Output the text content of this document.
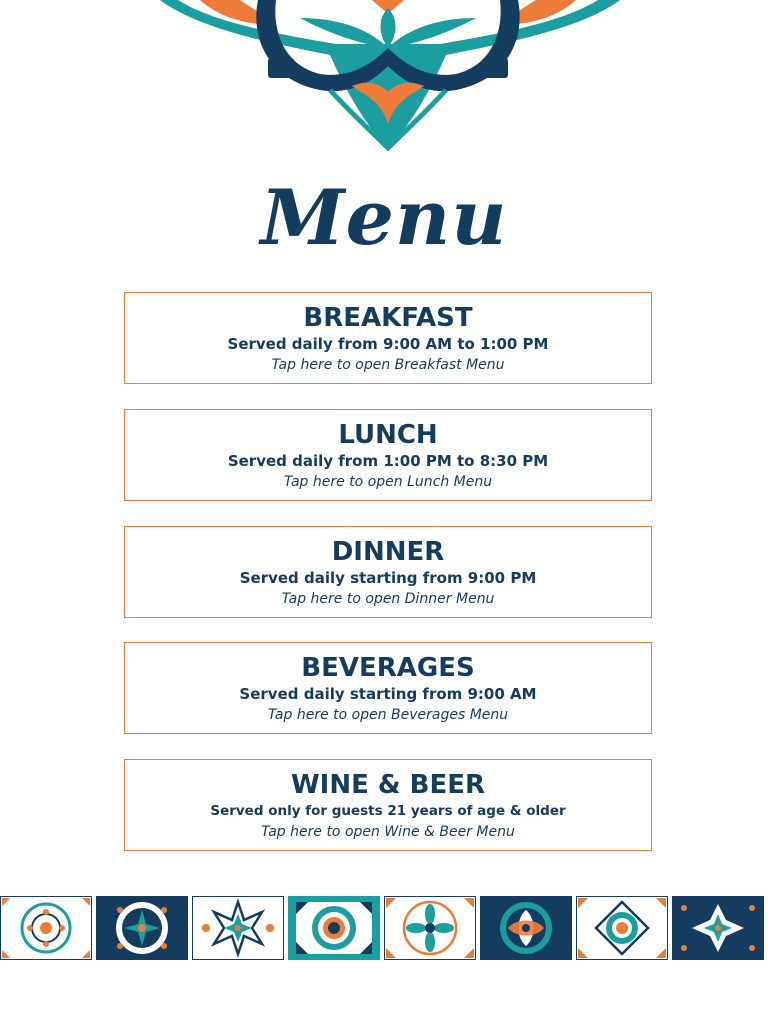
Menu
BREAKFAST
Served daily from 9:00 AM to 1:00 PM
Tap here to open Breakfast Menu
LUNCH
Served daily from 1:00 PM to 8:30 PM
Tap here to open Lunch Menu
DINNER
Served daily starting from 9:00 PM
Tap here to open Dinner Menu
BEVERAGES
Served daily starting from 9:00 AM
Tap here to open Beverages Menu
WINE & BEER
Served only for guests 21 years of age & older
Tap here to open Wine & Beer Menu
